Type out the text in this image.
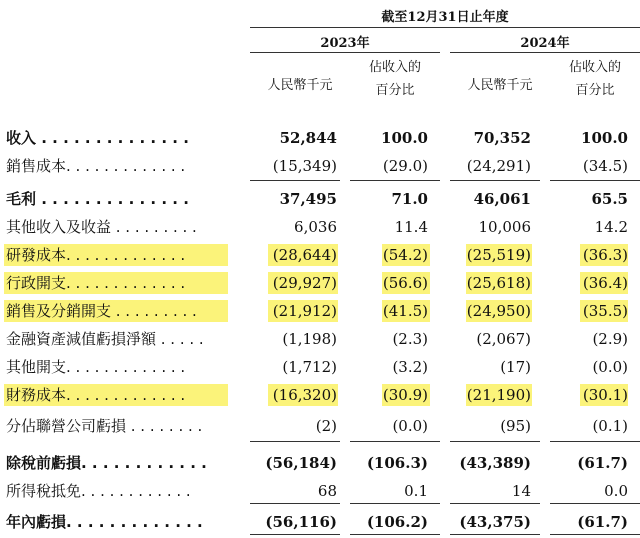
截至12月31日止年度
2023年	2024年
人民幣千元
佔收入的
百分比	人民幣千元
佔收入的
百分比
收入 . . . . . . . . . . . . . .	52,844	100.0	70,352	100.0
銷售成本. . . . . . . . . . . . .	(15,349)	(29.0)	(24,291)	(34.5)
毛利 . . . . . . . . . . . . . .	37,495	71.0	46,061	65.5
其他收入及收益 . . . . . . . . .	6,036	11.4	10,006	14.2
研發成本. . . . . . . . . . . . .	(28,644)	(54.2)	(25,519)	(36.3)
行政開支. . . . . . . . . . . . .	(29,927)	(56.6)	(25,618)	(36.4)
銷售及分銷開支 . . . . . . . . .	(21,912)	(41.5)	(24,950)	(35.5)
金融資產減值虧損淨額 . . . . .	(1,198)	(2.3)	(2,067)	(2.9)
其他開支. . . . . . . . . . . . .	(1,712)	(3.2)	(17)	(0.0)
財務成本. . . . . . . . . . . . .	(16,320)	(30.9)	(21,190)	(30.1)
分佔聯營公司虧損 . . . . . . . .	(2)	(0.0)	(95)	(0.1)
除稅前虧損. . . . . . . . . . . .	(56,184) (106.3) (43,389)	(61.7)
所得稅抵免. . . . . . . . . . . .	68	0.1	14	0.0
年內虧損. . . . . . . . . . . . .	(56,116) (106.2) (43,375)	(61.7)
